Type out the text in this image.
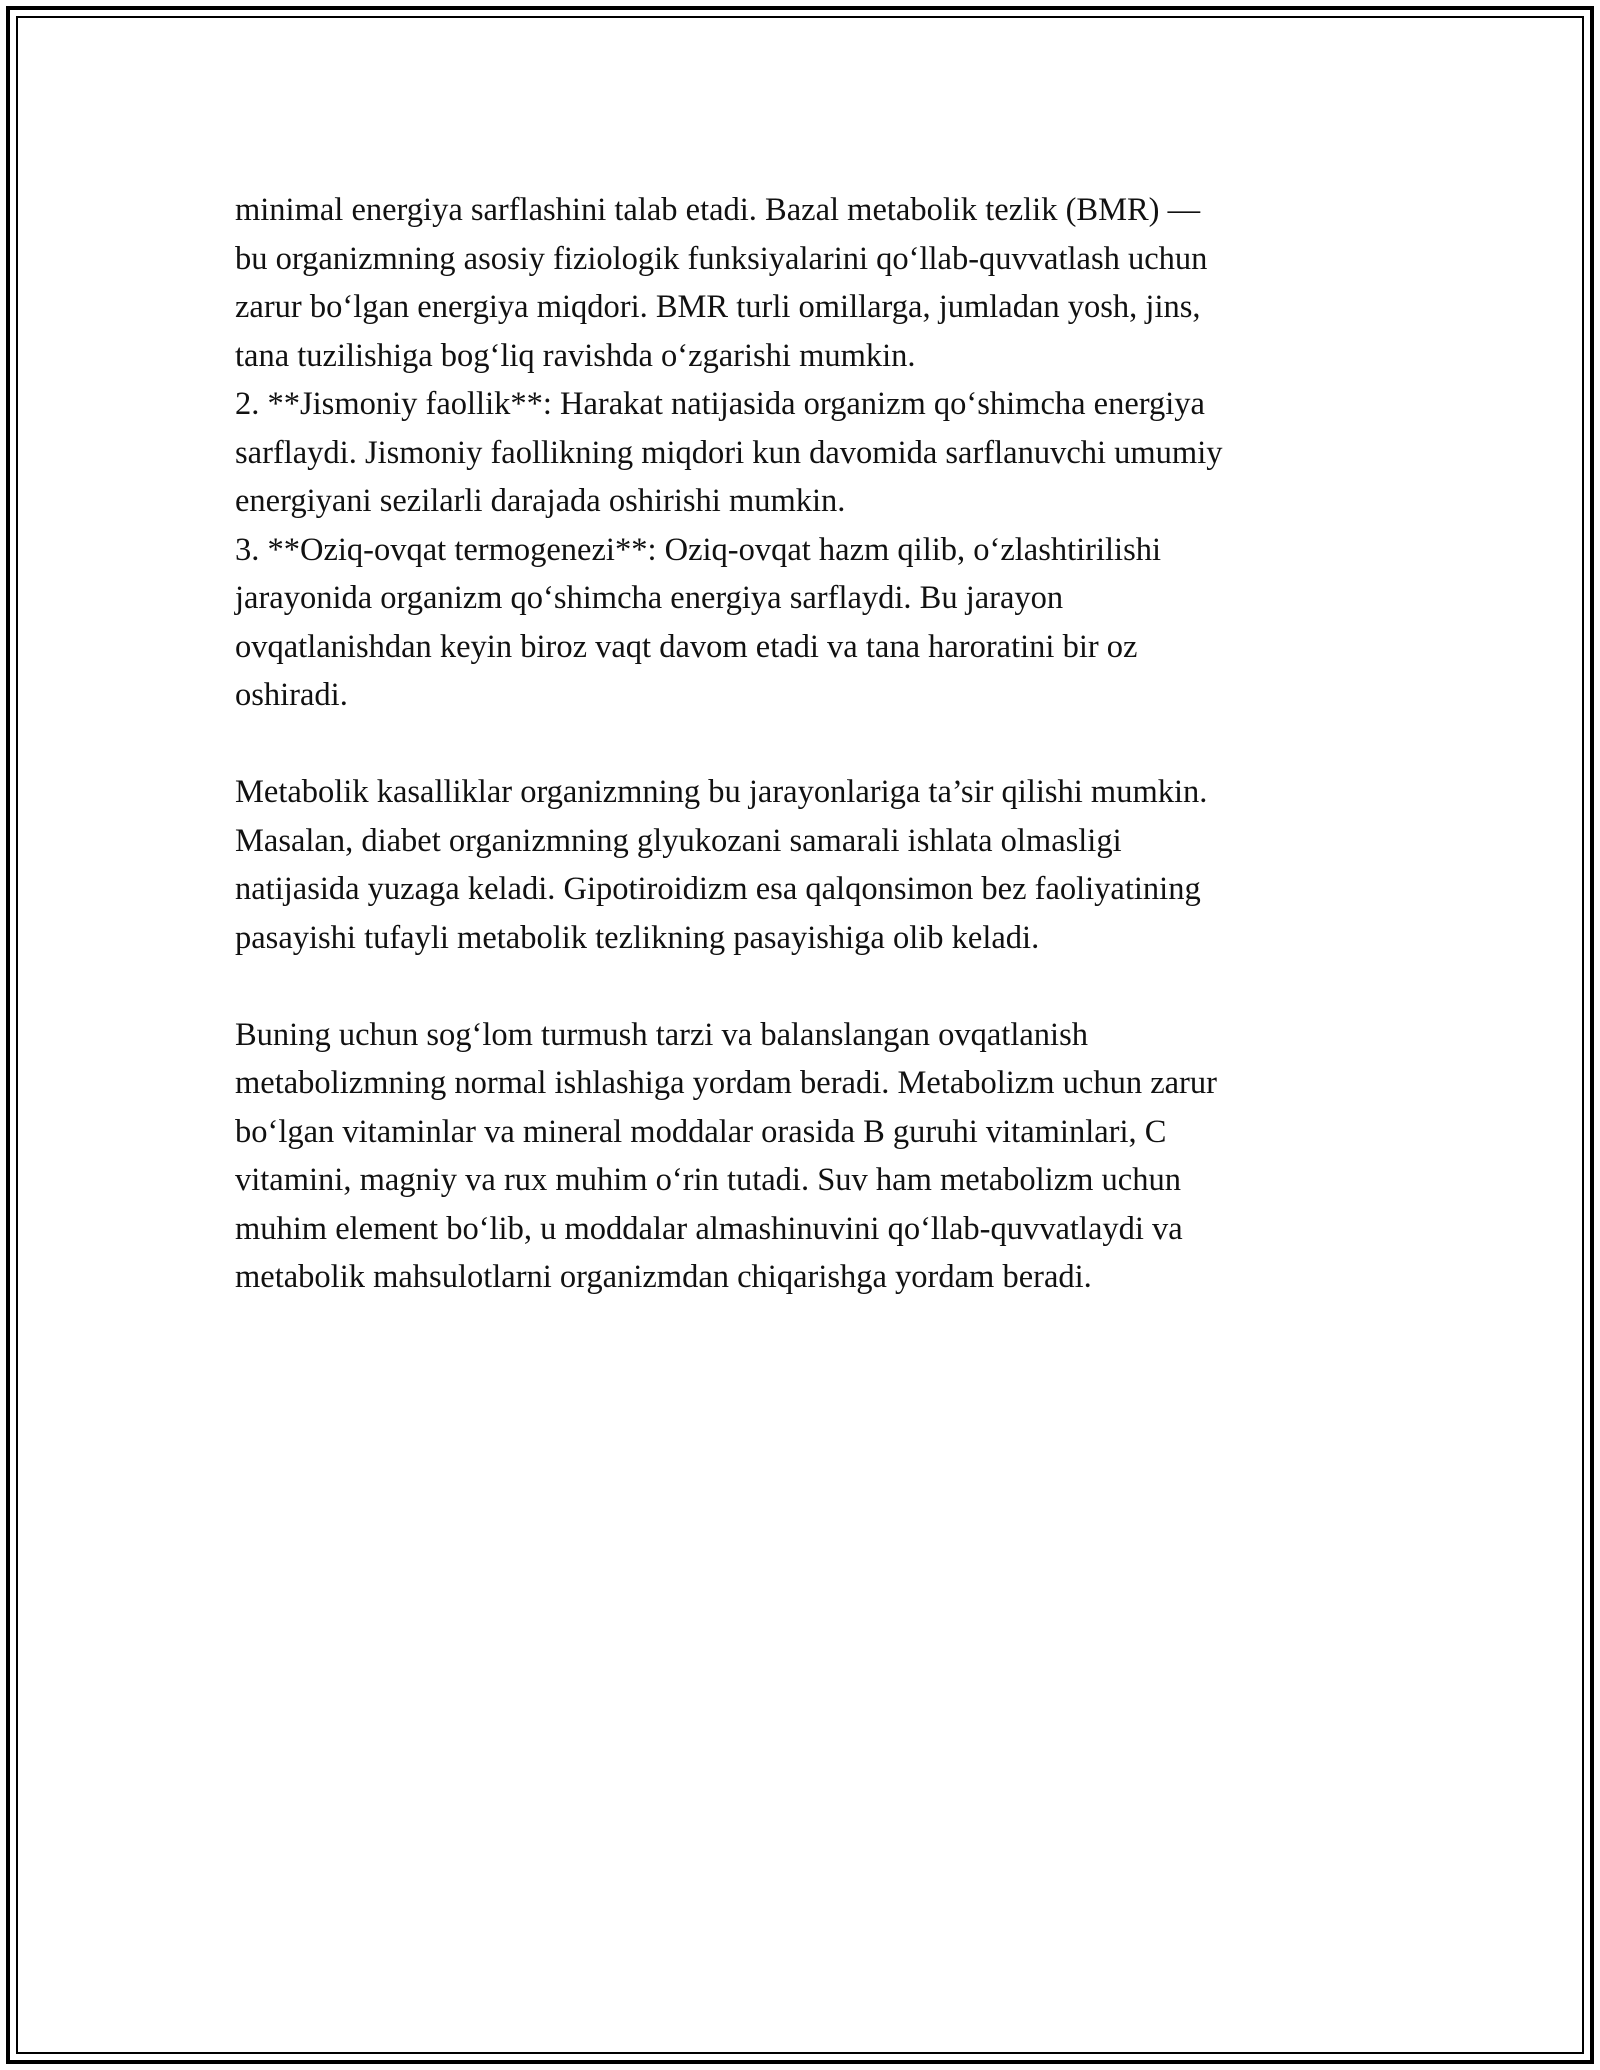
minimal energiya sarflashini talab etadi. Bazal metabolik tezlik (BMR) —
bu organizmning asosiy fiziologik funksiyalarini qo‘llab-quvvatlash uchun
zarur bo‘lgan energiya miqdori. BMR turli omillarga, jumladan yosh, jins,
tana tuzilishiga bog‘liq ravishda o‘zgarishi mumkin.
2. **Jismoniy faollik**: Harakat natijasida organizm qo‘shimcha energiya
sarflaydi. Jismoniy faollikning miqdori kun davomida sarflanuvchi umumiy
energiyani sezilarli darajada oshirishi mumkin.
3. **Oziq-ovqat termogenezi**: Oziq-ovqat hazm qilib, o‘zlashtirilishi
jarayonida organizm qo‘shimcha energiya sarflaydi. Bu jarayon
ovqatlanishdan keyin biroz vaqt davom etadi va tana haroratini bir oz
oshiradi.
Metabolik kasalliklar organizmning bu jarayonlariga ta’sir qilishi mumkin.
Masalan, diabet organizmning glyukozani samarali ishlata olmasligi
natijasida yuzaga keladi. Gipotiroidizm esa qalqonsimon bez faoliyatining
pasayishi tufayli metabolik tezlikning pasayishiga olib keladi.
Buning uchun sog‘lom turmush tarzi va balanslangan ovqatlanish
metabolizmning normal ishlashiga yordam beradi. Metabolizm uchun zarur
bo‘lgan vitaminlar va mineral moddalar orasida B guruhi vitaminlari, C
vitamini, magniy va rux muhim o‘rin tutadi. Suv ham metabolizm uchun
muhim element bo‘lib, u moddalar almashinuvini qo‘llab-quvvatlaydi va
metabolik mahsulotlarni organizmdan chiqarishga yordam beradi.
